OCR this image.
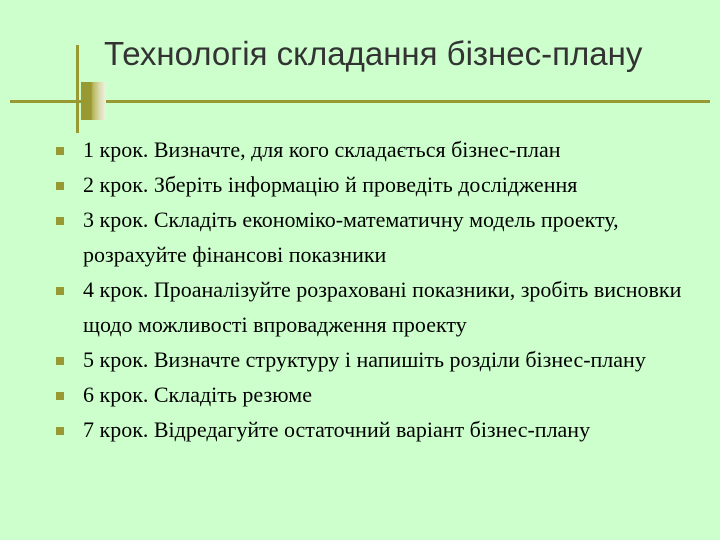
Технологія складання бізнес-плану
1 крок. Визначте, для кого складається бізнес-план
2 крок. Зберіть інформацію й проведіть дослідження
3 крок. Складіть економіко-математичну модель проекту, розрахуйте фінансові показники
4 крок. Проаналізуйте розраховані показники, зробіть висновки щодо можливості впровадження проекту
5 крок. Визначте структуру і напишіть розділи бізнес-плану
6 крок. Складіть резюме
7 крок. Відредагуйте остаточний варіант бізнес-плану
